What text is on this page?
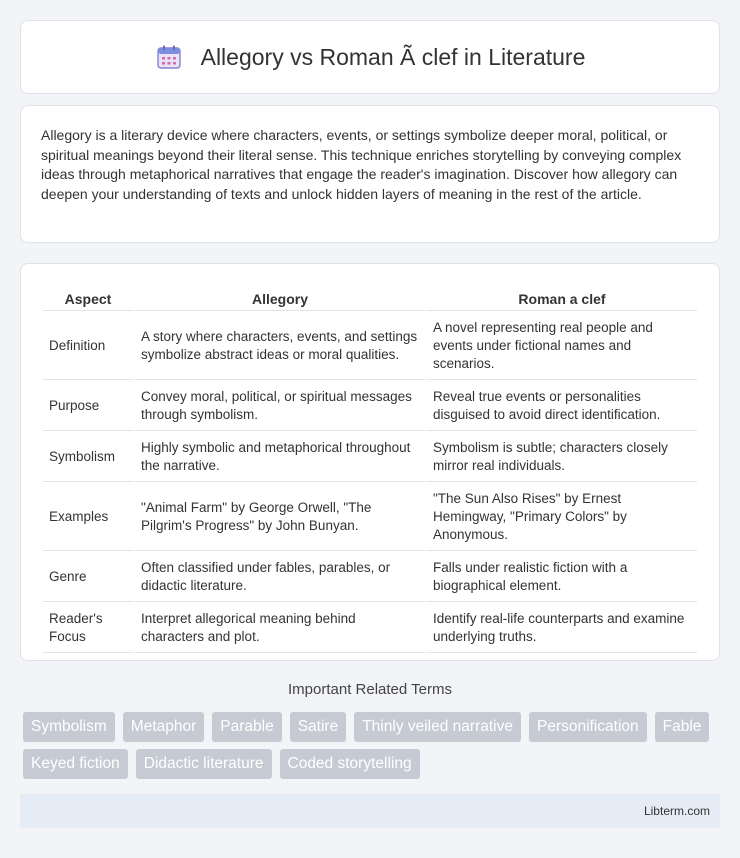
Allegory vs Roman Ã clef in Literature

Allegory is a literary device where characters, events, or settings symbolize deeper moral, political, or spiritual meanings beyond their literal sense. This technique enriches storytelling by conveying complex ideas through metaphorical narratives that engage the reader's imagination. Discover how allegory can deepen your understanding of texts and unlock hidden layers of meaning in the rest of the article.

Aspect	Allegory	Roman a clef
Definition	A story where characters, events, and settings symbolize abstract ideas or moral qualities.	A novel representing real people and events under fictional names and scenarios.
Purpose	Convey moral, political, or spiritual messages through symbolism.	Reveal true events or personalities disguised to avoid direct identification.
Symbolism	Highly symbolic and metaphorical throughout the narrative.	Symbolism is subtle; characters closely mirror real individuals.
Examples	"Animal Farm" by George Orwell, "The Pilgrim's Progress" by John Bunyan.	"The Sun Also Rises" by Ernest Hemingway, "Primary Colors" by Anonymous.
Genre	Often classified under fables, parables, or didactic literature.	Falls under realistic fiction with a biographical element.
Reader's Focus	Interpret allegorical meaning behind characters and plot.	Identify real-life counterparts and examine underlying truths.
Important Related Terms
Symbolism	Metaphor	Parable	Satire	Thinly veiled narrative	Personification	Fable
Keyed fiction	Didactic literature	Coded storytelling
Libterm.com
